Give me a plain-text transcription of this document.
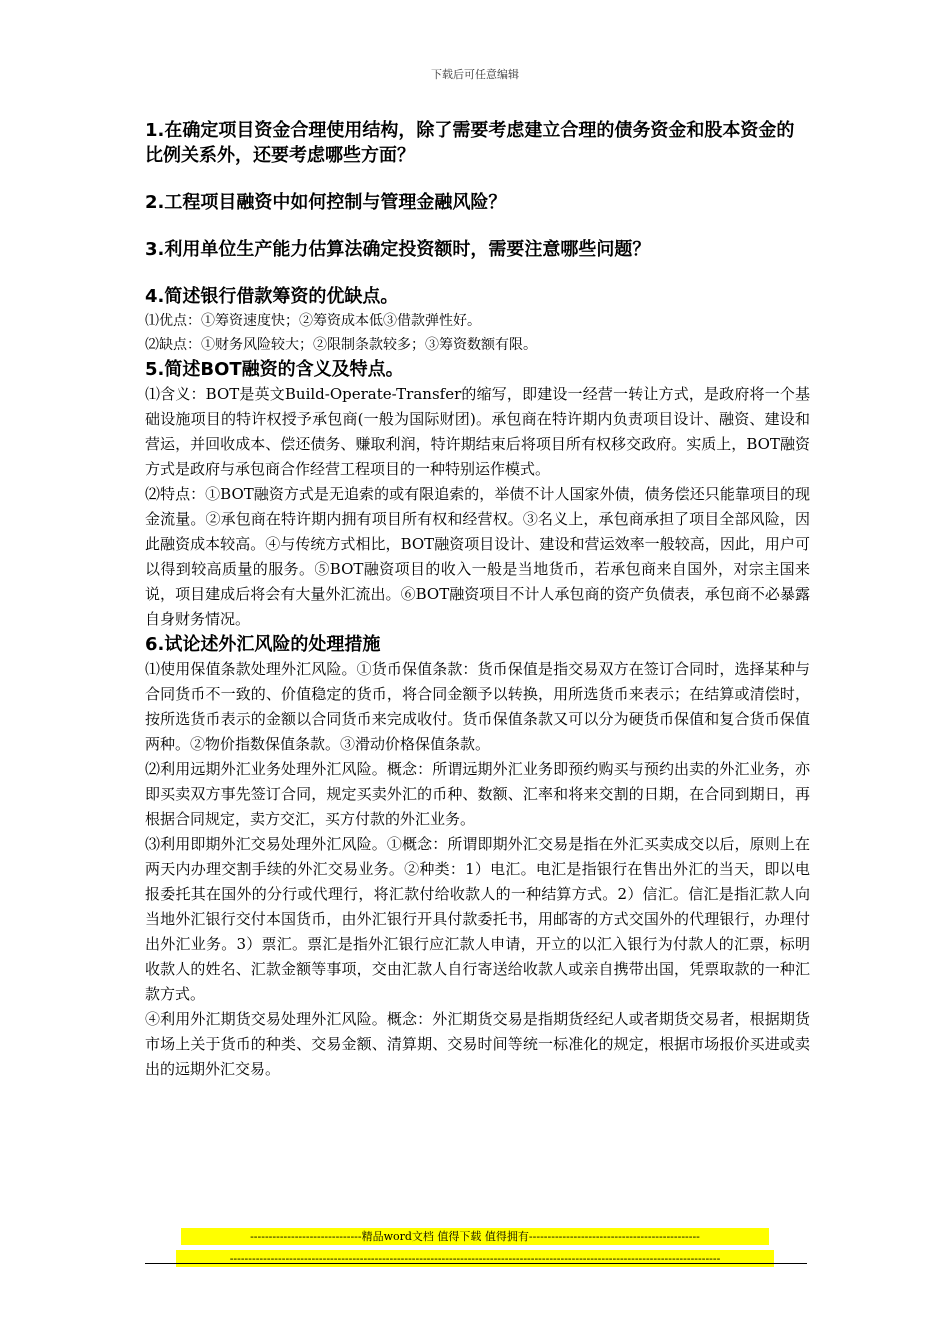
下载后可任意编辑

1.在确定项目资金合理使用结构，除了需要考虑建立合理的债务资金和股本资金的比例关系外，还要考虑哪些方面？

2.工程项目融资中如何控制与管理金融风险？

3.利用单位生产能力估算法确定投资额时，需要注意哪些问题？

4.简述银行借款筹资的优缺点。

⑴优点：①筹资速度快；②筹资成本低③借款弹性好。

⑵缺点：①财务风险较大；②限制条款较多；③筹资数额有限。

5.简述BOT融资的含义及特点。

⑴含义：BOT是英文Build-Operate-Transfer的缩写，即建设一经营一转让方式，是政府将一个基础设施项目的特许权授予承包商(一般为国际财团)。承包商在特许期内负责项目设计、融资、建设和营运，并回收成本、偿还债务、赚取利润，特许期结束后将项目所有权移交政府。实质上，BOT融资方式是政府与承包商合作经营工程项目的一种特别运作模式。

⑵特点：①BOT融资方式是无追索的或有限追索的，举债不计人国家外债，债务偿还只能靠项目的现金流量。②承包商在特许期内拥有项目所有权和经营权。③名义上，承包商承担了项目全部风险，因此融资成本较高。④与传统方式相比，BOT融资项目设计、建设和营运效率一般较高，因此，用户可以得到较高质量的服务。⑤BOT融资项目的收入一般是当地货币，若承包商来自国外，对宗主国来说，项目建成后将会有大量外汇流出。⑥BOT融资项目不计人承包商的资产负债表，承包商不必暴露自身财务情况。

6.试论述外汇风险的处理措施

⑴使用保值条款处理外汇风险。①货币保值条款：货币保值是指交易双方在签订合同时，选择某种与合同货币不一致的、价值稳定的货币，将合同金额予以转换，用所选货币来表示；在结算或清偿时，按所选货币表示的金额以合同货币来完成收付。货币保值条款又可以分为硬货币保值和复合货币保值两种。②物价指数保值条款。③滑动价格保值条款。

⑵利用远期外汇业务处理外汇风险。概念：所谓远期外汇业务即预约购买与预约出卖的外汇业务，亦即买卖双方事先签订合同，规定买卖外汇的币种、数额、汇率和将来交割的日期，在合同到期日，再根据合同规定，卖方交汇，买方付款的外汇业务。

⑶利用即期外汇交易处理外汇风险。①概念：所谓即期外汇交易是指在外汇买卖成交以后，原则上在两天内办理交割手续的外汇交易业务。②种类：1）电汇。电汇是指银行在售出外汇的当天，即以电报委托其在国外的分行或代理行，将汇款付给收款人的一种结算方式。2）信汇。信汇是指汇款人向当地外汇银行交付本国货币，由外汇银行开具付款委托书，用邮寄的方式交国外的代理银行，办理付出外汇业务。3）票汇。票汇是指外汇银行应汇款人申请，开立的以汇入银行为付款人的汇票，标明收款人的姓名、汇款金额等事项，交由汇款人自行寄送给收款人或亲自携带出国，凭票取款的一种汇款方式。

④利用外汇期货交易处理外汇风险。概念：外汇期货交易是指期货经纪人或者期货交易者，根据期货市场上关于货币的种类、交易金额、清算期、交易时间等统一标准化的规定，根据市场报价买进或卖出的远期外汇交易。

------------------------------精品word文档 值得下载 值得拥有----------------------------------------------
------------------------------------------------------------------------------------------------------------------------------------
